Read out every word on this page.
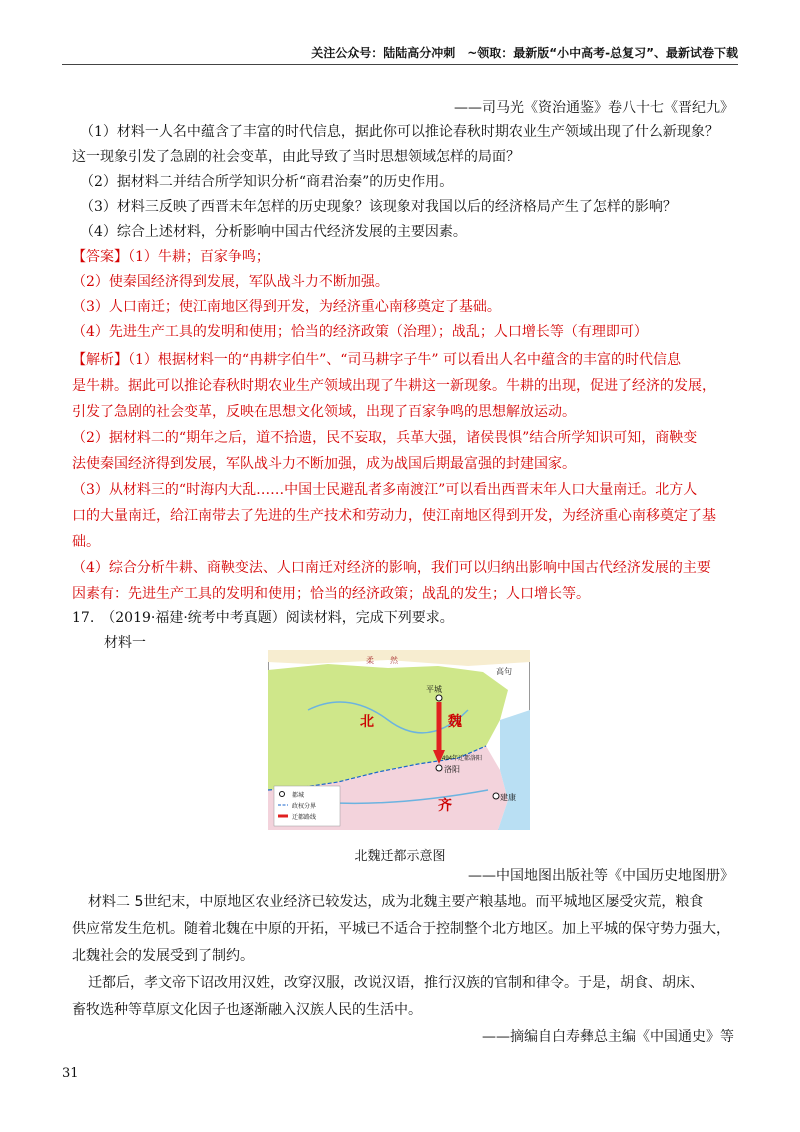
关注公众号：陆陆高分冲刺　~领取：最新版“小中高考-总复习”、最新试卷下载
——司马光《资治通鉴》卷八十七《晋纪九》
（1）材料一人名中蕴含了丰富的时代信息，据此你可以推论春秋时期农业生产领域出现了什么新现象？
这一现象引发了急剧的社会变革，由此导致了当时思想领域怎样的局面？
（2）据材料二并结合所学知识分析“商君治秦”的历史作用。
（3）材料三反映了西晋末年怎样的历史现象？该现象对我国以后的经济格局产生了怎样的影响？
（4）综合上述材料，分析影响中国古代经济发展的主要因素。
【答案】（1）牛耕；百家争鸣；
（2）使秦国经济得到发展，军队战斗力不断加强。
（3）人口南迁；使江南地区得到开发，为经济重心南移奠定了基础。
（4）先进生产工具的发明和使用；恰当的经济政策（治理）；战乱；人口增长等（有理即可）
【解析】（1）根据材料一的“冉耕字伯牛”、“司马耕字子牛” 可以看出人名中蕴含的丰富的时代信息
是牛耕。据此可以推论春秋时期农业生产领域出现了牛耕这一新现象。牛耕的出现，促进了经济的发展，
引发了急剧的社会变革，反映在思想文化领域，出现了百家争鸣的思想解放运动。
（2）据材料二的“期年之后，道不拾遗，民不妄取，兵革大强，诸侯畏惧”结合所学知识可知，商鞅变
法使秦国经济得到发展，军队战斗力不断加强，成为战国后期最富强的封建国家。
（3）从材料三的“时海内大乱……中国士民避乱者多南渡江”可以看出西晋末年人口大量南迁。北方人
口的大量南迁，给江南带去了先进的生产技术和劳动力，使江南地区得到开发，为经济重心南移奠定了基
础。
（4）综合分析牛耕、商鞅变法、人口南迁对经济的影响，我们可以归纳出影响中国古代经济发展的主要
因素有：先进生产工具的发明和使用；恰当的经济政策；战乱的发生；人口增长等。
17.　（2019·福建·统考中考真题）阅读材料，完成下列要求。
材料一
柔　　然
高句
北	魏
平城
494年迁都洛阳
洛阳
齐	建康
都城
政权分界
迁都路线
北魏迁都示意图
——中国地图出版社等《中国历史地图册》
材料二 5世纪末，中原地区农业经济已较发达，成为北魏主要产粮基地。而平城地区屡受灾荒，粮食
供应常发生危机。随着北魏在中原的开拓，平城已不适合于控制整个北方地区。加上平城的保守势力强大，
北魏社会的发展受到了制约。
迁都后，孝文帝下诏改用汉姓，改穿汉服，改说汉语，推行汉族的官制和律令。于是，胡食、胡床、
畜牧选种等草原文化因子也逐渐融入汉族人民的生活中。
——摘编自白寿彝总主编《中国通史》等
31
